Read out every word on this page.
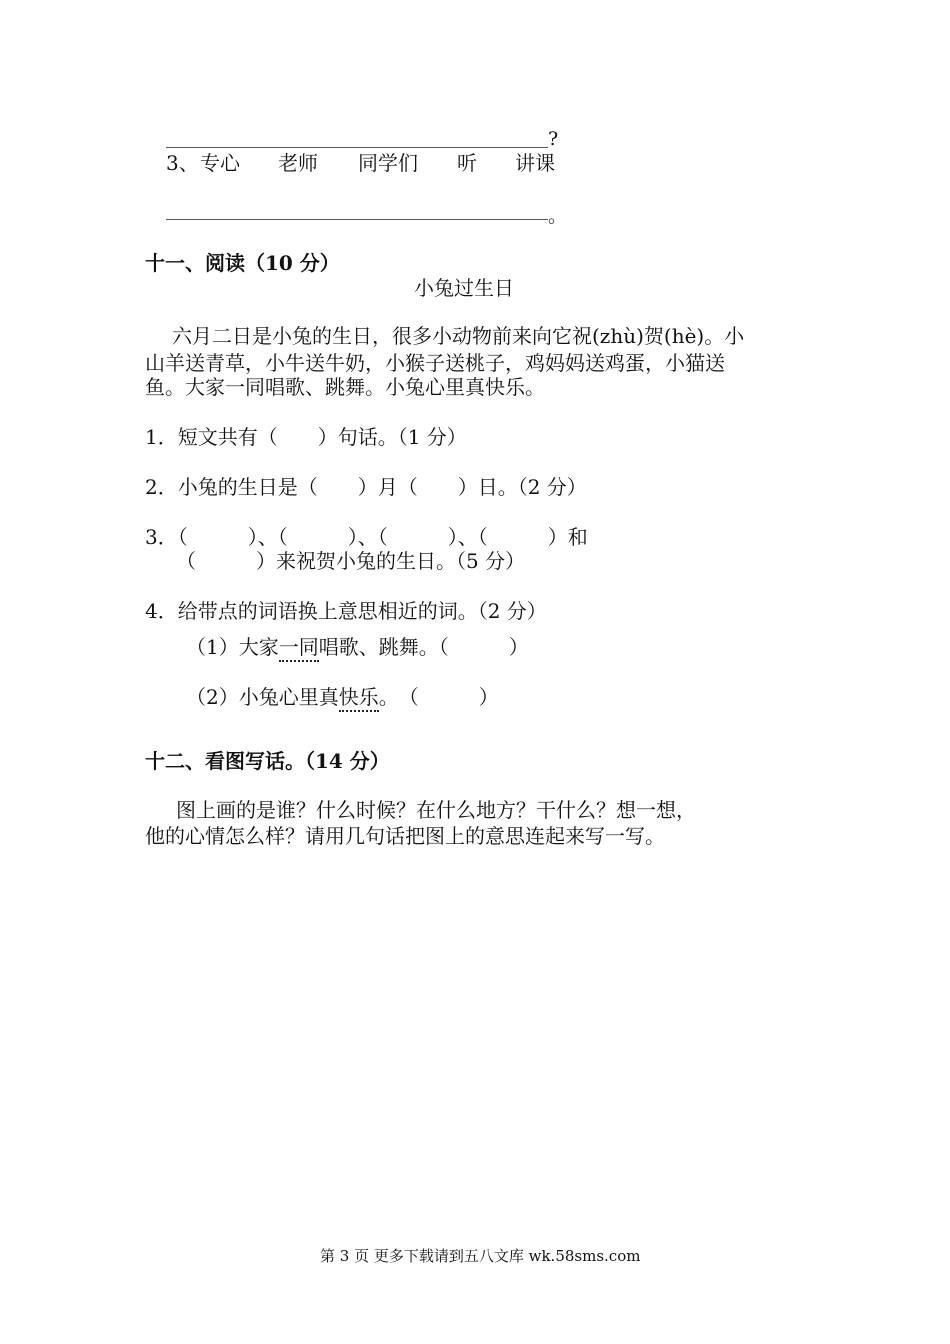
?
3、 专心 老师 同学们 听 讲课
。
十一、阅读（10 分）
小兔过生日
六月二日是小兔的生日，很多小动物前来向它祝(zhù)贺(hè)。小
山羊送青草，小牛送牛奶，小猴子送桃子，鸡妈妈送鸡蛋，小猫送
鱼。大家一同唱歌、跳舞。小兔心里真快乐。
1．短文共有（　　）句话。（1 分）
2．小兔的生日是（　　）月（　　）日。（2 分）
3．（　　　）、（　　　）、（　　　）、（　　　）和
（　　　）来祝贺小兔的生日。（5 分）
4．给带点的词语换上意思相近的词。（2 分）
（1）大家一同唱歌、跳舞。（　　　）
（2）小兔心里真快乐。　（　　　）
十二、看图写话。（14 分）
图上画的是谁？什么时候？在什么地方？干什么？想一想，
他的心情怎么样？请用几句话把图上的意思连起来写一写。
第 3 页 更多下载请到五八文库 wk.58sms.com
